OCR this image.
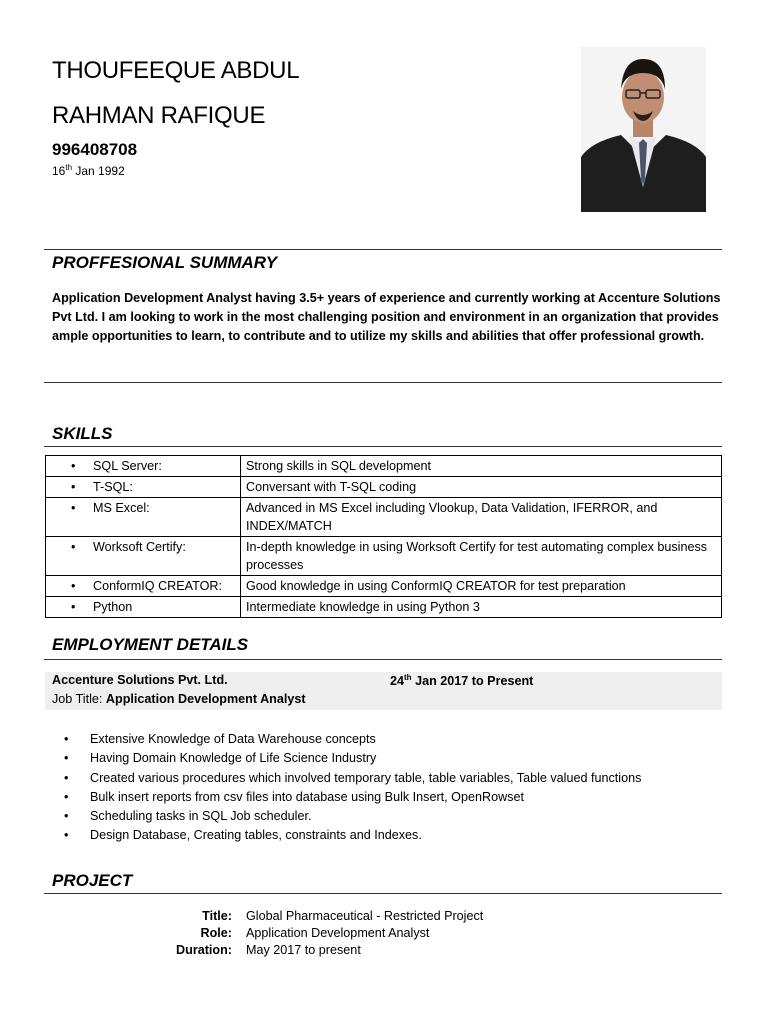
THOUFEEQUE ABDUL
RAHMAN RAFIQUE
996408708
16th Jan 1992
PROFFESIONAL SUMMARY
Application Development Analyst having 3.5+ years of experience and currently working at Accenture Solutions Pvt Ltd. I am looking to work in the most challenging position and environment in an organization that provides ample opportunities to learn, to contribute and to utilize my skills and abilities that offer professional growth.
SKILLS
• SQL Server:	Strong skills in SQL development
• T-SQL:	Conversant with T-SQL coding
• MS Excel:	Advanced in MS Excel including Vlookup, Data Validation, IFERROR, and INDEX/MATCH
• Worksoft Certify:	In-depth knowledge in using Worksoft Certify for test automating complex business processes
• ConformIQ CREATOR:	Good knowledge in using ConformIQ CREATOR for test preparation
• Python	Intermediate knowledge in using Python 3
EMPLOYMENT DETAILS
Accenture Solutions Pvt. Ltd.	24th Jan 2017 to Present
Job Title: Application Development Analyst
• Extensive Knowledge of Data Warehouse concepts
• Having Domain Knowledge of Life Science Industry
• Created various procedures which involved temporary table, table variables, Table valued functions
• Bulk insert reports from csv files into database using Bulk Insert, OpenRowset
• Scheduling tasks in SQL Job scheduler.
• Design Database, Creating tables, constraints and Indexes.
PROJECT
Title: Global Pharmaceutical - Restricted Project
Role: Application Development Analyst
Duration: May 2017 to present
